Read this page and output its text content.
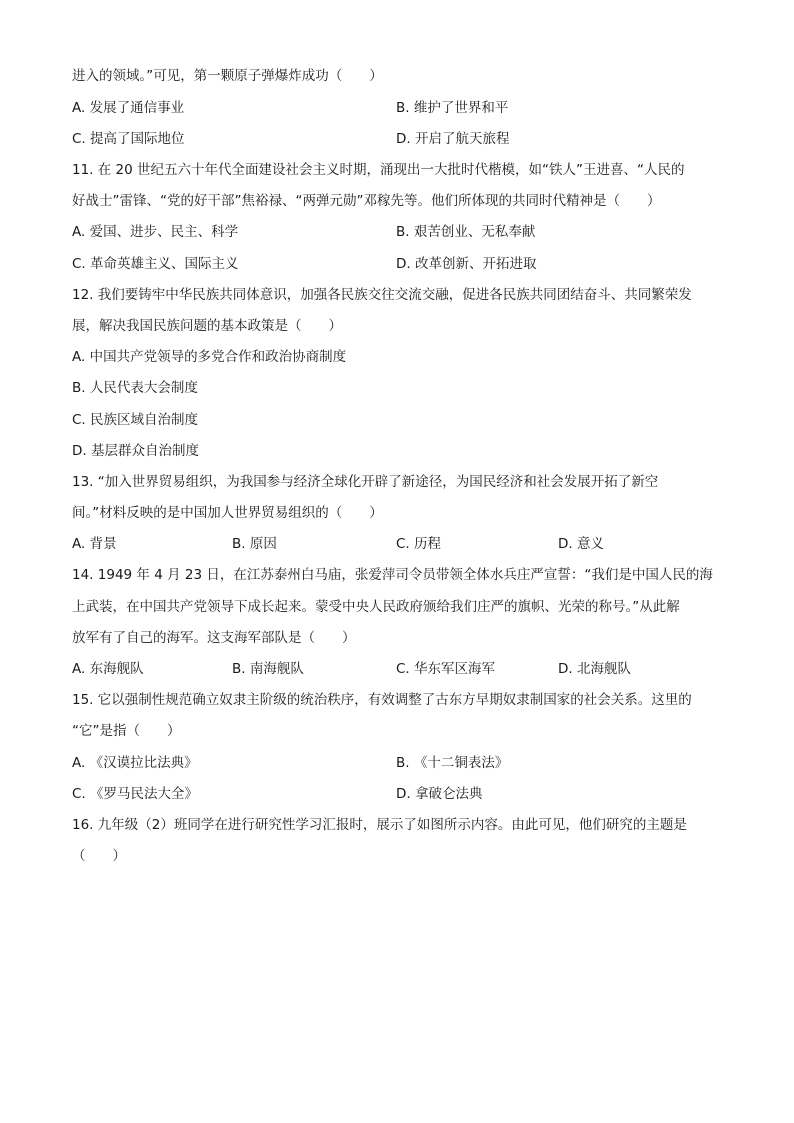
进入的领域。”可见，第一颗原子弹爆炸成功（　　）
A. 发展了通信事业	B. 维护了世界和平
C. 提高了国际地位	D. 开启了航天旅程
11. 在 20 世纪五六十年代全面建设社会主义时期，涌现出一大批时代楷模，如“铁人”王进喜、“人民的
好战士”雷锋、“党的好干部”焦裕禄、“两弹元勋”邓稼先等。他们所体现的共同时代精神是（　　）
A. 爱国、进步、民主、科学	B. 艰苦创业、无私奉献
C. 革命英雄主义、国际主义	D. 改革创新、开拓进取
12. 我们要铸牢中华民族共同体意识，加强各民族交往交流交融，促进各民族共同团结奋斗、共同繁荣发
展，解决我国民族问题的基本政策是（　　）
A. 中国共产党领导的多党合作和政治协商制度
B. 人民代表大会制度
C. 民族区域自治制度
D. 基层群众自治制度
13. “加入世界贸易组织，为我国参与经济全球化开辟了新途径，为国民经济和社会发展开拓了新空
间。”材料反映的是中国加人世界贸易组织的（　　）
A. 背景	B. 原因	C. 历程	D. 意义
14. 1949 年 4 月 23 日，在江苏泰州白马庙，张爱萍司令员带领全体水兵庄严宣誓：“我们是中国人民的海
上武装，在中国共产党领导下成长起来。蒙受中央人民政府颁给我们庄严的旗帜、光荣的称号。”从此解
放军有了自己的海军。这支海军部队是（　　）
A. 东海舰队	B. 南海舰队	C. 华东军区海军	D. 北海舰队
15. 它以强制性规范确立奴隶主阶级的统治秩序，有效调整了古东方早期奴隶制国家的社会关系。这里的
“它”是指（　　）
A. 《汉谟拉比法典》	B. 《十二铜表法》
C. 《罗马民法大全》	D. 拿破仑法典
16. 九年级（2）班同学在进行研究性学习汇报时，展示了如图所示内容。由此可见，他们研究的主题是
（　　）
